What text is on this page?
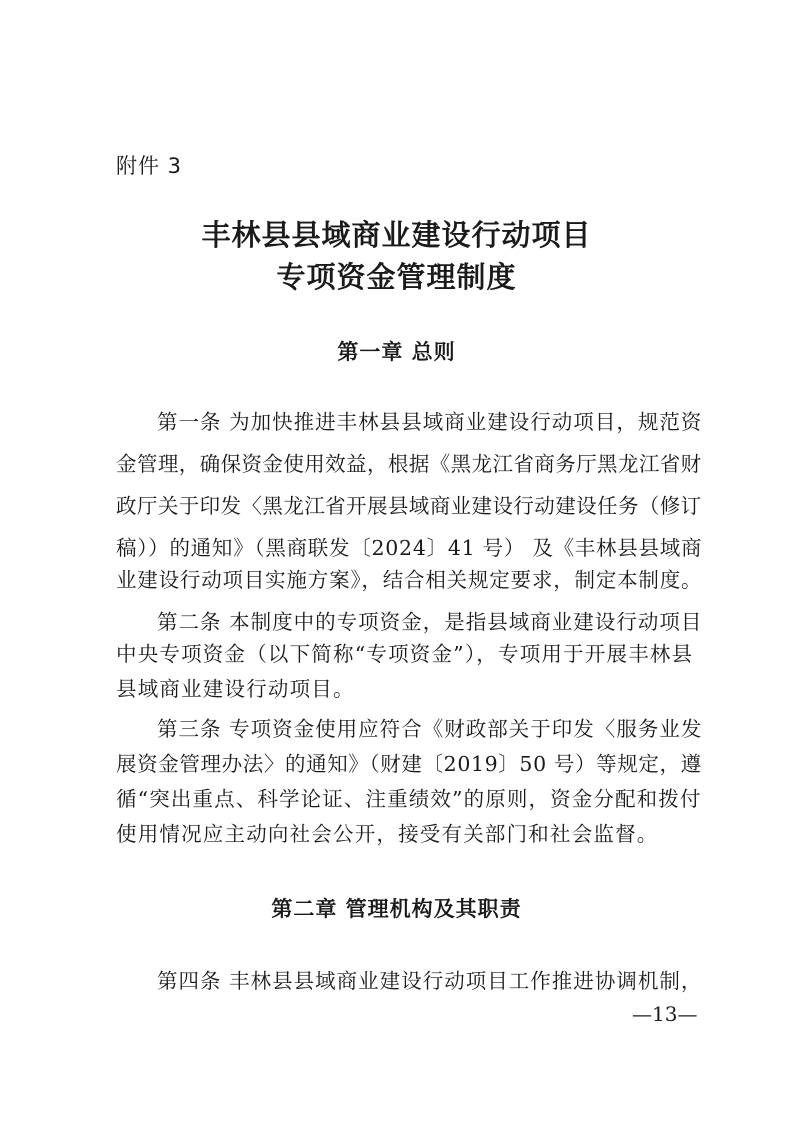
附件 3
丰林县县域商业建设行动项目
专项资金管理制度
第一章 总则
第一条 为加快推进丰林县县域商业建设行动项目，规范资
金管理，确保资金使用效益，根据《黑龙江省商务厅黑龙江省财
政厅关于印发〈黑龙江省开展县域商业建设行动建设任务（修订
稿））的通知》（黑商联发〔2024〕41 号） 及《丰林县县域商
业建设行动项目实施方案》，结合相关规定要求，制定本制度。
第二条 本制度中的专项资金，是指县域商业建设行动项目
中央专项资金（以下简称“专项资金”），专项用于开展丰林县
县域商业建设行动项目。
第三条 专项资金使用应符合《财政部关于印发〈服务业发
展资金管理办法〉的通知》（财建〔2019〕50 号）等规定，遵
循“突出重点、科学论证、注重绩效”的原则，资金分配和拨付
使用情况应主动向社会公开，接受有关部门和社会监督。
第二章 管理机构及其职责
第四条 丰林县县域商业建设行动项目工作推进协调机制，
—13—
